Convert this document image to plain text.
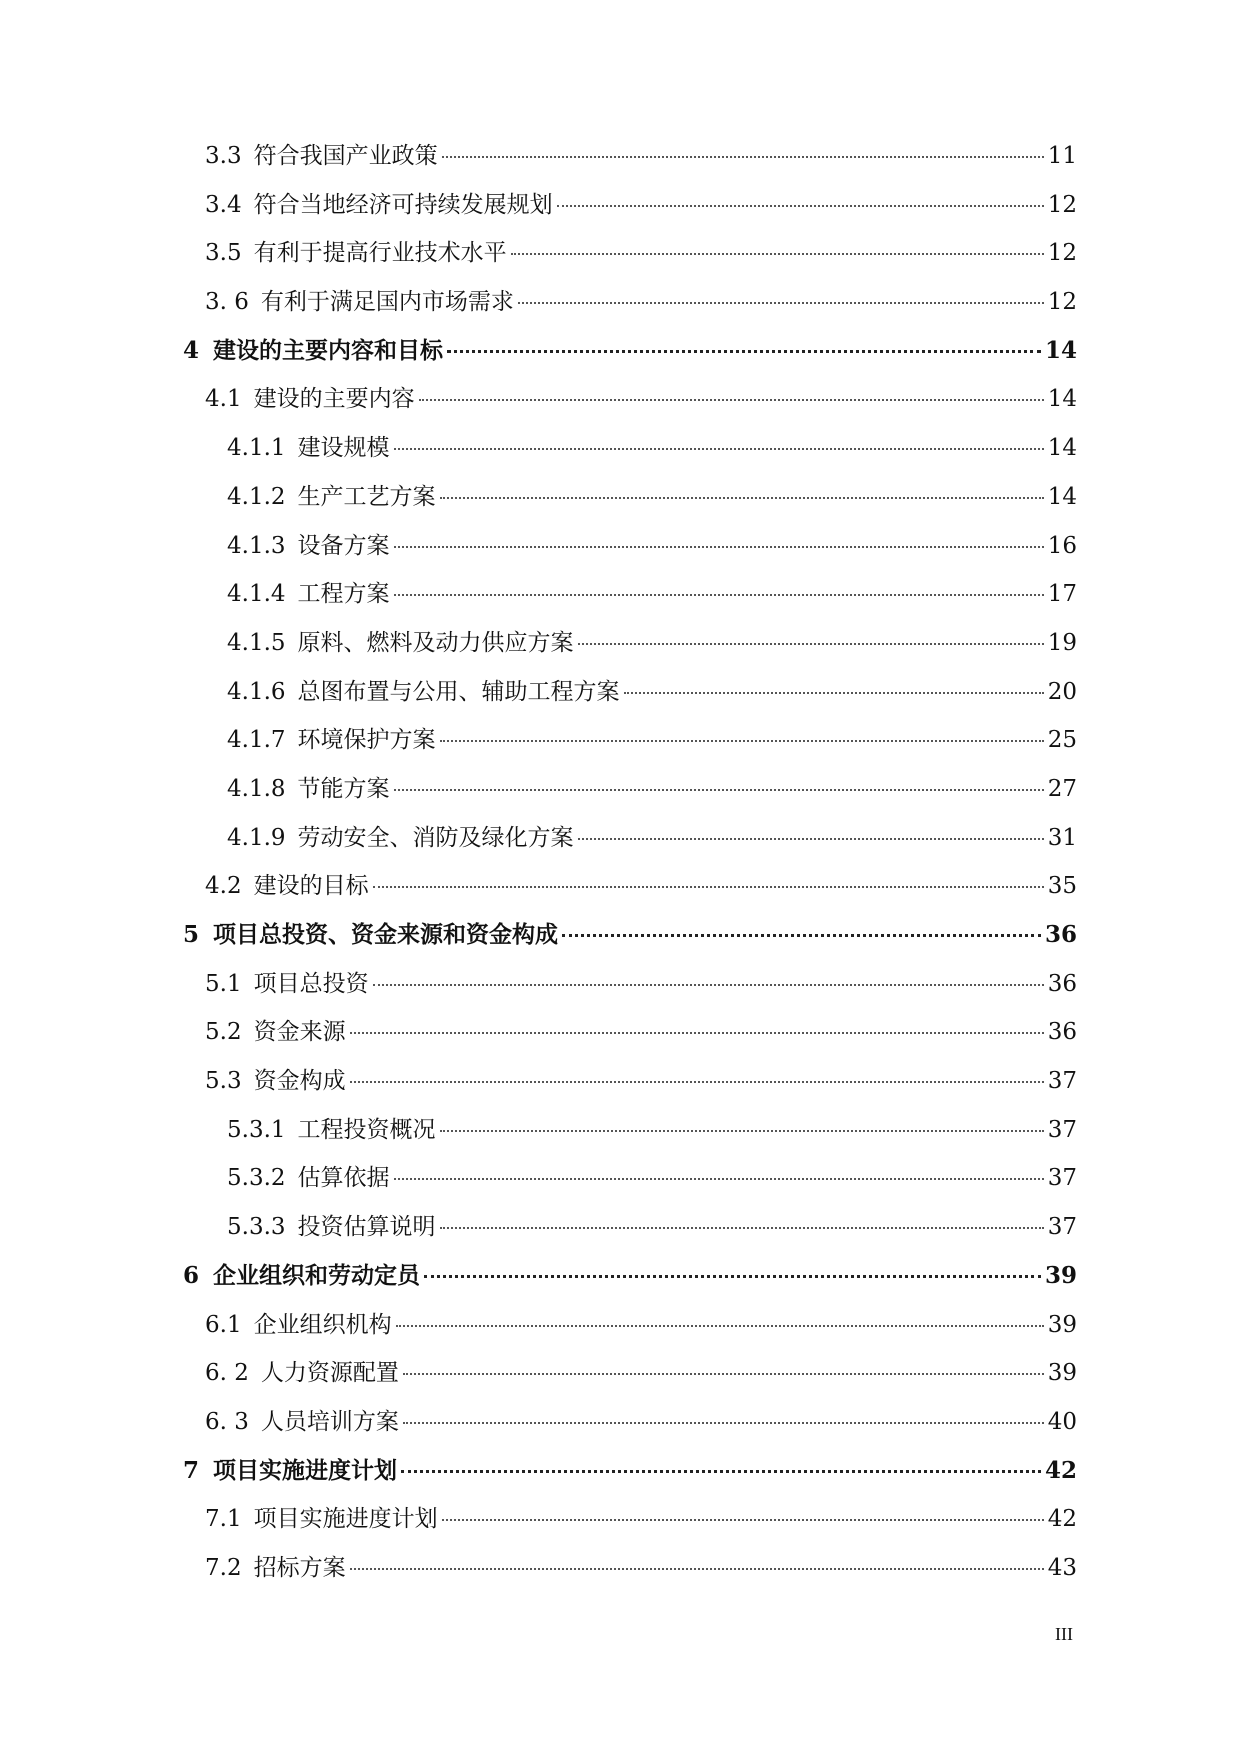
3.3 符合我国产业政策	11
3.4 符合当地经济可持续发展规划	12
3.5 有利于提高行业技术水平	12
3. 6 有利于满足国内市场需求	12
4 建设的主要内容和目标	14
4.1 建设的主要内容	14
4.1.1 建设规模	14
4.1.2 生产工艺方案	14
4.1.3 设备方案	16
4.1.4 工程方案	17
4.1.5 原料、燃料及动力供应方案	19
4.1.6 总图布置与公用、辅助工程方案	20
4.1.7 环境保护方案	25
4.1.8 节能方案	27
4.1.9 劳动安全、消防及绿化方案	31
4.2 建设的目标	35
5 项目总投资、资金来源和资金构成	36
5.1 项目总投资	36
5.2 资金来源	36
5.3 资金构成	37
5.3.1 工程投资概况	37
5.3.2 估算依据	37
5.3.3 投资估算说明	37
6 企业组织和劳动定员	39
6.1 企业组织机构	39
6. 2 人力资源配置	39
6. 3 人员培训方案	40
7 项目实施进度计划	42
7.1 项目实施进度计划	42
7.2 招标方案	43
III
